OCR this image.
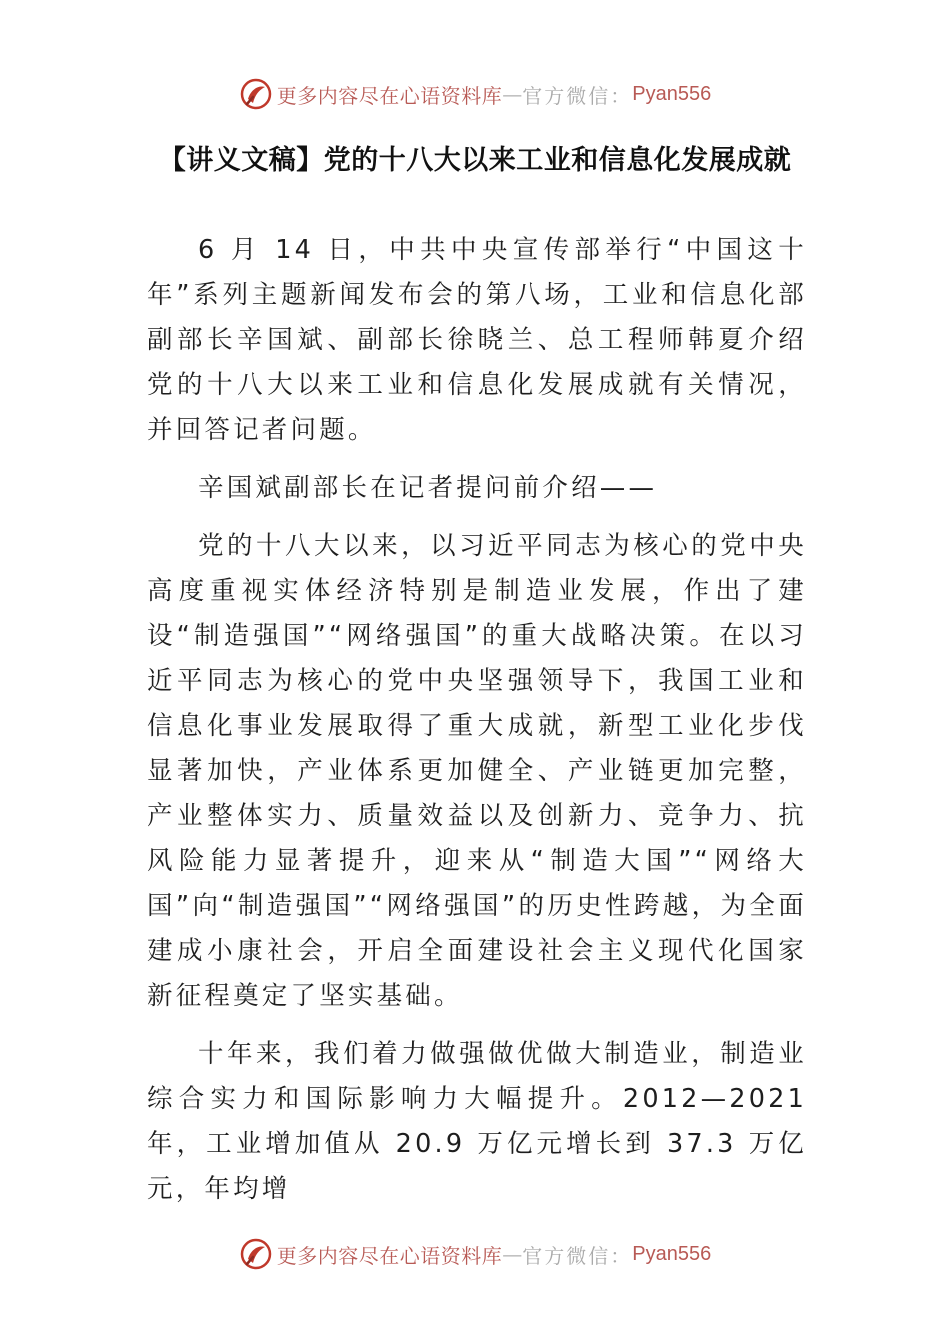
更多内容尽在心语资料库 — 官方微信： Pyan556
【讲义文稿】党的十八大以来工业和信息化发展成就

6 月 14 日，中共中央宣传部举行“中国这十年”系列主题新闻发布会的第八场，工业和信息化部副部长辛国斌、副部长徐晓兰、总工程师韩夏介绍党的十八大以来工业和信息化发展成就有关情况，并回答记者问题。

辛国斌副部长在记者提问前介绍——

党的十八大以来，以习近平同志为核心的党中央高度重视实体经济特别是制造业发展，作出了建设“制造强国”“网络强国”的重大战略决策。在以习近平同志为核心的党中央坚强领导下，我国工业和信息化事业发展取得了重大成就，新型工业化步伐显著加快，产业体系更加健全、产业链更加完整，产业整体实力、质量效益以及创新力、竞争力、抗风险能力显著提升，迎来从“制造大国”“网络大国”向“制造强国”“网络强国”的历史性跨越，为全面建成小康社会，开启全面建设社会主义现代化国家新征程奠定了坚实基础。

十年来，我们着力做强做优做大制造业，制造业综合实力和国际影响力大幅提升。2012—2021 年，工业增加值从 20.9 万亿元增长到 37.3 万亿元，年均增

更多内容尽在心语资料库 — 官方微信： Pyan556
